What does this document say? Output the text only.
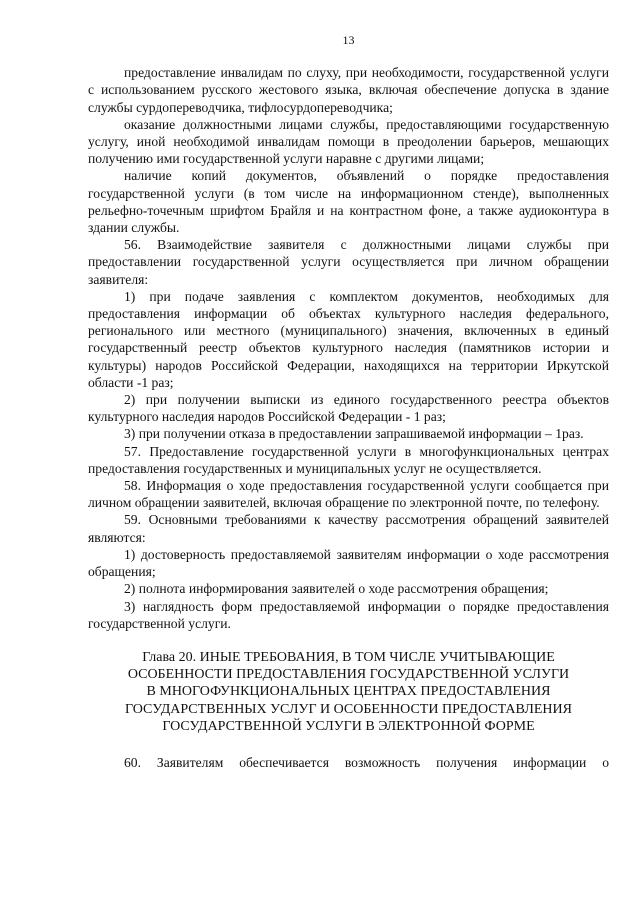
13

предоставление инвалидам по слуху, при необходимости, государственной услуги с использованием русского жестового языка, включая обеспечение допуска в здание службы сурдопереводчика, тифлосурдопереводчика;

оказание должностными лицами службы, предоставляющими государственную услугу, иной необходимой инвалидам помощи в преодолении барьеров, мешающих получению ими государственной услуги наравне с другими лицами;

наличие копий документов, объявлений о порядке предоставления государственной услуги (в том числе на информационном стенде), выполненных рельефно-точечным шрифтом Брайля и на контрастном фоне, а также аудиоконтура в здании службы.

56. Взаимодействие заявителя с должностными лицами службы при предоставлении государственной услуги осуществляется при личном обращении заявителя:

1) при подаче заявления с комплектом документов, необходимых для предоставления информации об объектах культурного наследия федерального, регионального или местного (муниципального) значения, включенных в единый государственный реестр объектов культурного наследия (памятников истории и культуры) народов Российской Федерации, находящихся на территории Иркутской области -1 раз;

2) при получении выписки из единого государственного реестра объектов культурного наследия народов Российской Федерации - 1 раз;

3) при получении отказа в предоставлении запрашиваемой информации – 1раз.

57. Предоставление государственной услуги в многофункциональных центрах предоставления государственных и муниципальных услуг не осуществляется.

58. Информация о ходе предоставления государственной услуги сообщается при личном обращении заявителей, включая обращение по электронной почте, по телефону.

59. Основными требованиями к качеству рассмотрения обращений заявителей являются:

1) достоверность предоставляемой заявителям информации о ходе рассмотрения обращения;

2) полнота информирования заявителей о ходе рассмотрения обращения;

3) наглядность форм предоставляемой информации о порядке предоставления государственной услуги.

Глава 20. ИНЫЕ ТРЕБОВАНИЯ, В ТОМ ЧИСЛЕ УЧИТЫВАЮЩИЕ
ОСОБЕННОСТИ ПРЕДОСТАВЛЕНИЯ ГОСУДАРСТВЕННОЙ УСЛУГИ
В МНОГОФУНКЦИОНАЛЬНЫХ ЦЕНТРАХ ПРЕДОСТАВЛЕНИЯ
ГОСУДАРСТВЕННЫХ УСЛУГ И ОСОБЕННОСТИ ПРЕДОСТАВЛЕНИЯ
ГОСУДАРСТВЕННОЙ УСЛУГИ В ЭЛЕКТРОННОЙ ФОРМЕ

60. Заявителям обеспечивается возможность получения информации о
